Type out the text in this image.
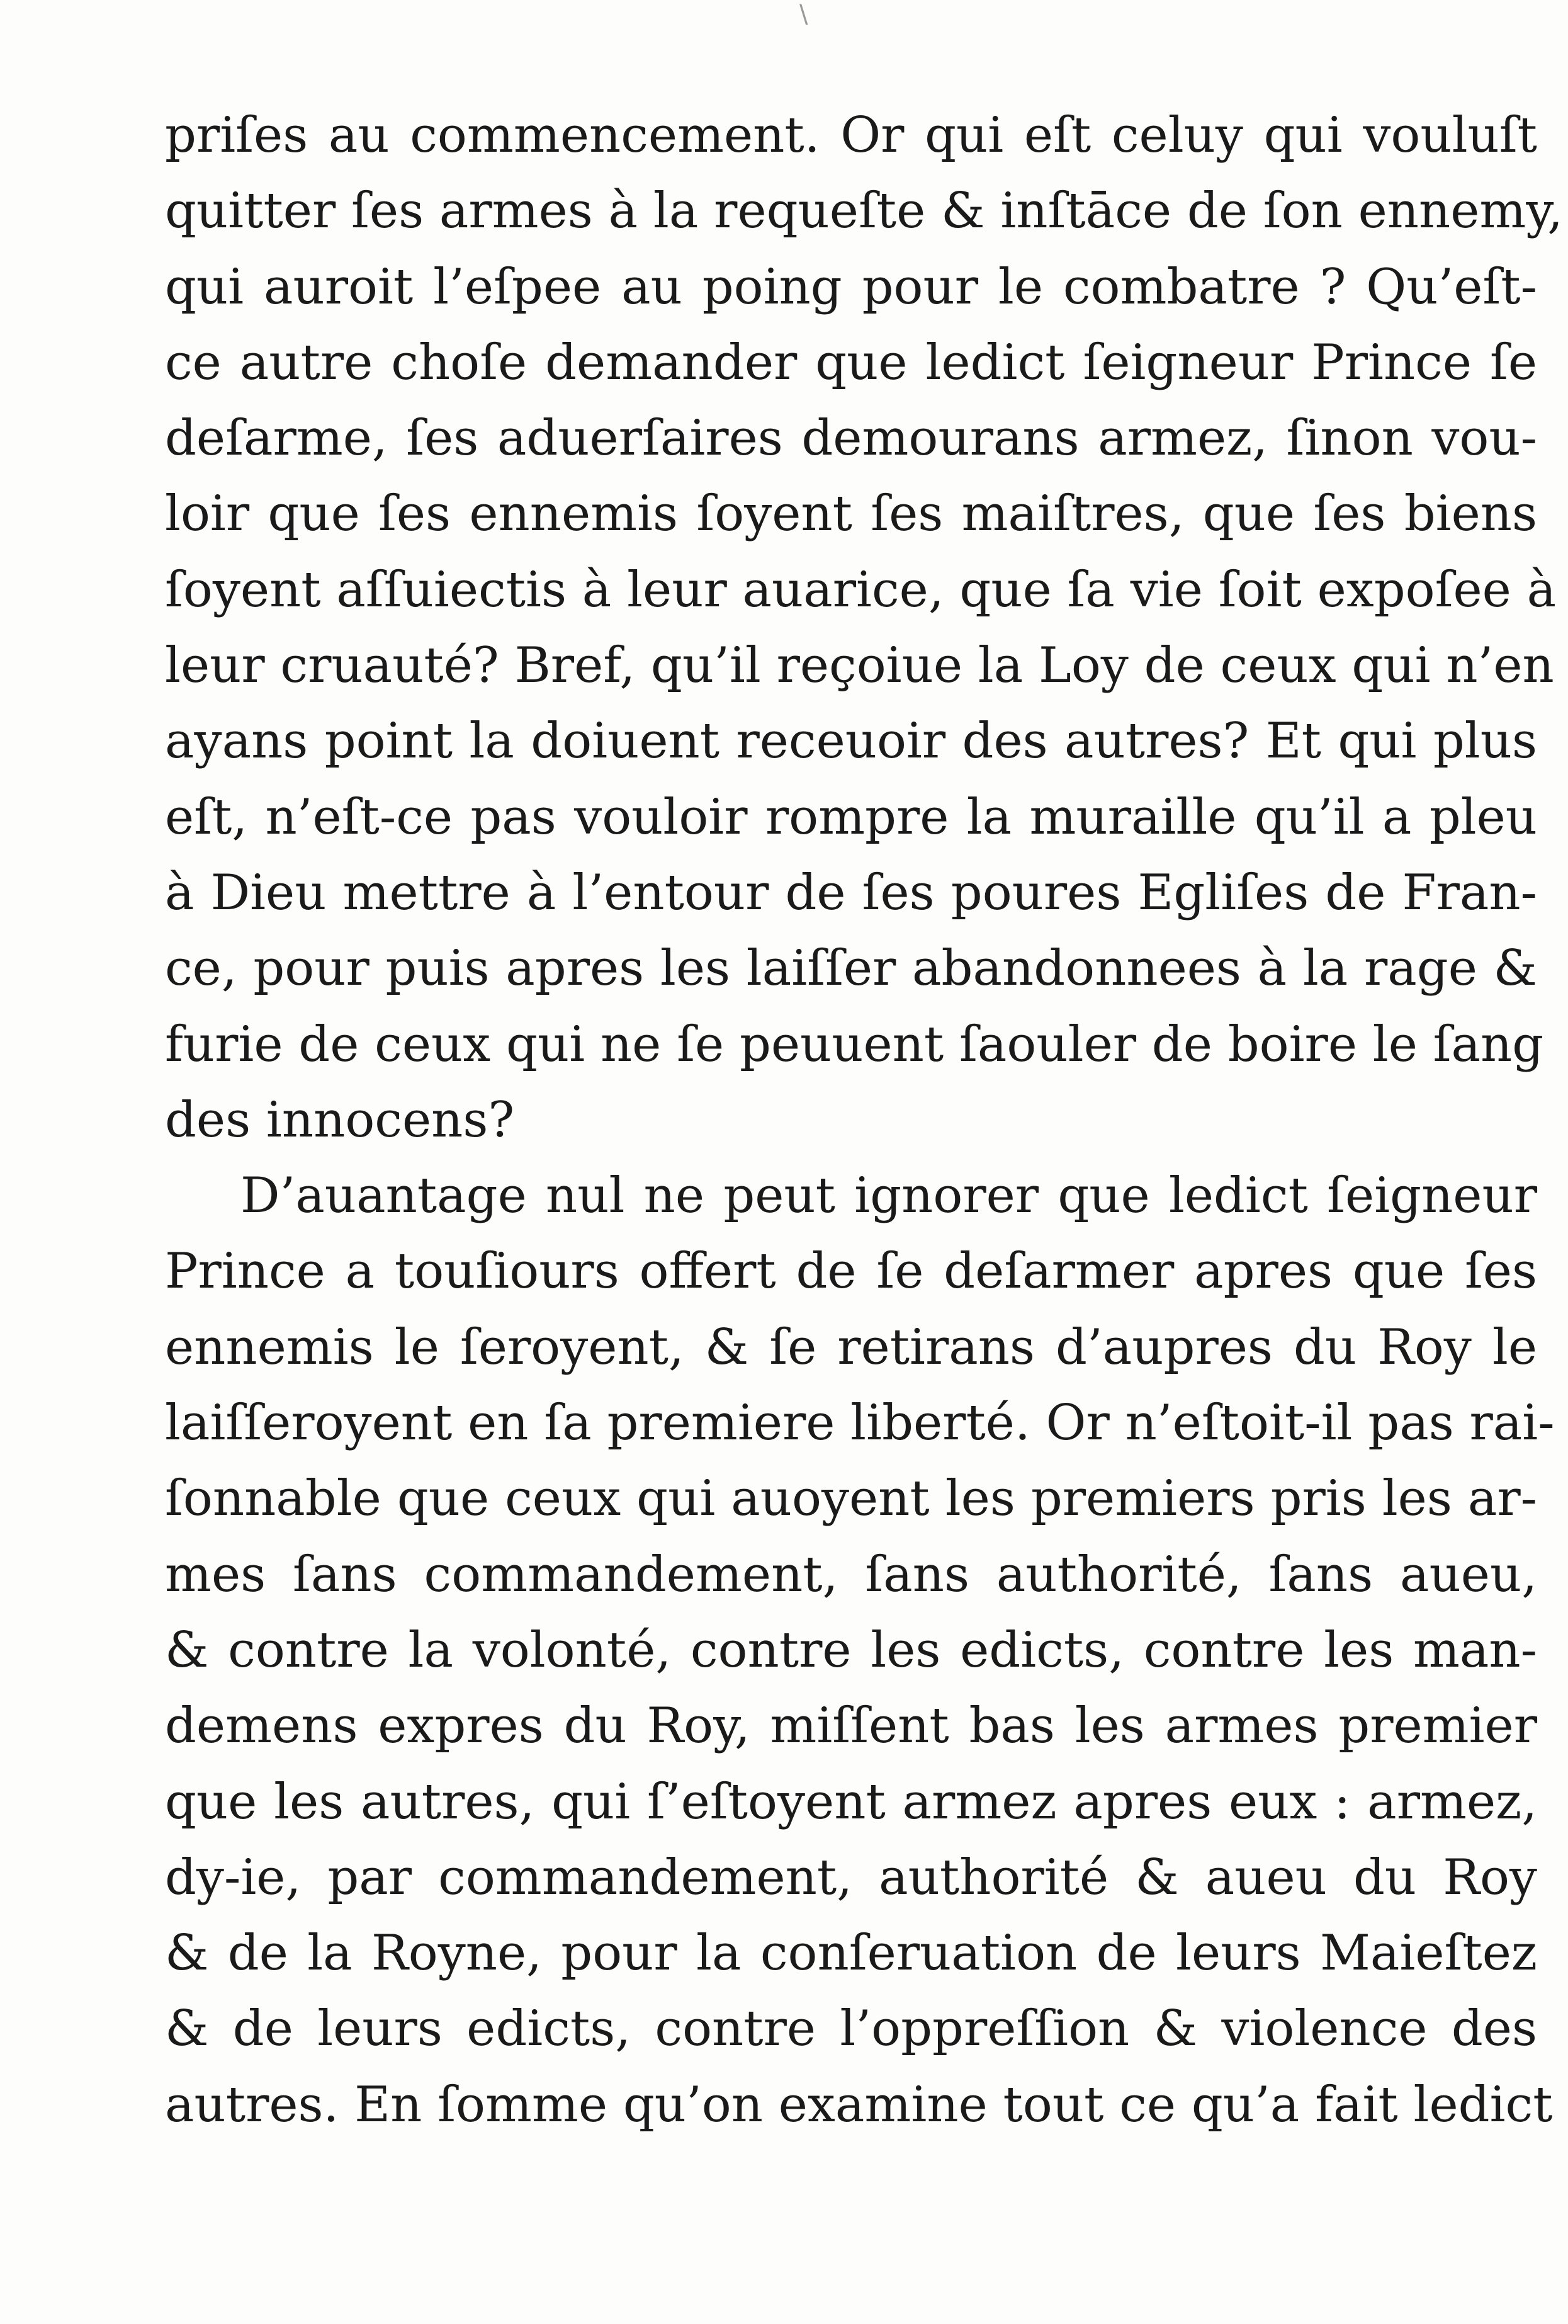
\
priſes au commencement. Or qui eſt celuy qui vouluſt
quitter ſes armes à la requeſte & inſtāce de ſon ennemy,
qui auroit l’eſpee au poing pour le combatre ? Qu’eſt-
ce autre choſe demander que ledict ſeigneur Prince ſe
deſarme, ſes aduerſaires demourans armez, ſinon vou-
loir que ſes ennemis ſoyent ſes maiſtres, que ſes biens
ſoyent aſſuiectis à leur auarice, que ſa vie ſoit expoſee à
leur cruauté? Bref, qu’il reçoiue la Loy de ceux qui n’en
ayans point la doiuent receuoir des autres? Et qui plus
eſt, n’eſt-ce pas vouloir rompre la muraille qu’il a pleu
à Dieu mettre à l’entour de ſes poures Egliſes de Fran-
ce, pour puis apres les laiſſer abandonnees à la rage &
furie de ceux qui ne ſe peuuent ſaouler de boire le ſang
des innocens?
D’auantage nul ne peut ignorer que ledict ſeigneur
Prince a touſiours offert de ſe deſarmer apres que ſes
ennemis le ſeroyent, & ſe retirans d’aupres du Roy le
laiſſeroyent en ſa premiere liberté. Or n’eſtoit-il pas rai-
ſonnable que ceux qui auoyent les premiers pris les ar-
mes ſans commandement, ſans authorité, ſans aueu,
& contre la volonté, contre les edicts, contre les man-
demens expres du Roy, miſſent bas les armes premier
que les autres, qui ſ’eſtoyent armez apres eux : armez,
dy-ie, par commandement, authorité & aueu du Roy
& de la Royne, pour la conſeruation de leurs Maieſtez
& de leurs edicts, contre l’oppreſſion & violence des
autres. En ſomme qu’on examine tout ce qu’a fait ledict
